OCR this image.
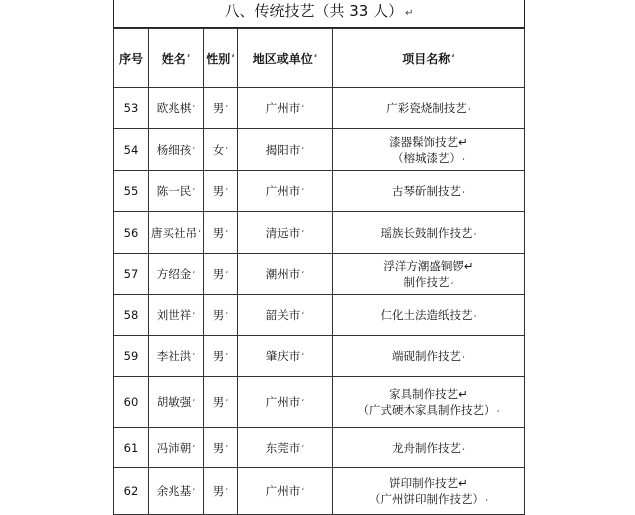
八、传统技艺（共 33 人） ↵
序号	姓名،	性别،	地区或单位،	项目名称،
53	欧兆棋،	男،	广州市،	广彩瓷烧制技艺،

54	杨细孩،	女،	揭阳市،	漆器髹饰技艺↵
（榕城漆艺）،

55	陈一民،	男،	广州市،	古琴斫制技艺،

56	唐买社吊،	男،	清远市،	瑶族长鼓制作技艺،

57	方绍金،	男،	潮州市،	浮洋方潮盛铜锣↵
制作技艺،

58	刘世祥،	男،	韶关市،	仁化土法造纸技艺،

59	李社洪،	男،	肇庆市،	端砚制作技艺،

60	胡敏强،	男،	广州市،	家具制作技艺↵
（广式硬木家具制作技艺）،

61	冯沛朝،	男،	东莞市،	龙舟制作技艺،

62	余兆基،	男،	广州市،	饼印制作技艺↵
（广州饼印制作技艺）،
